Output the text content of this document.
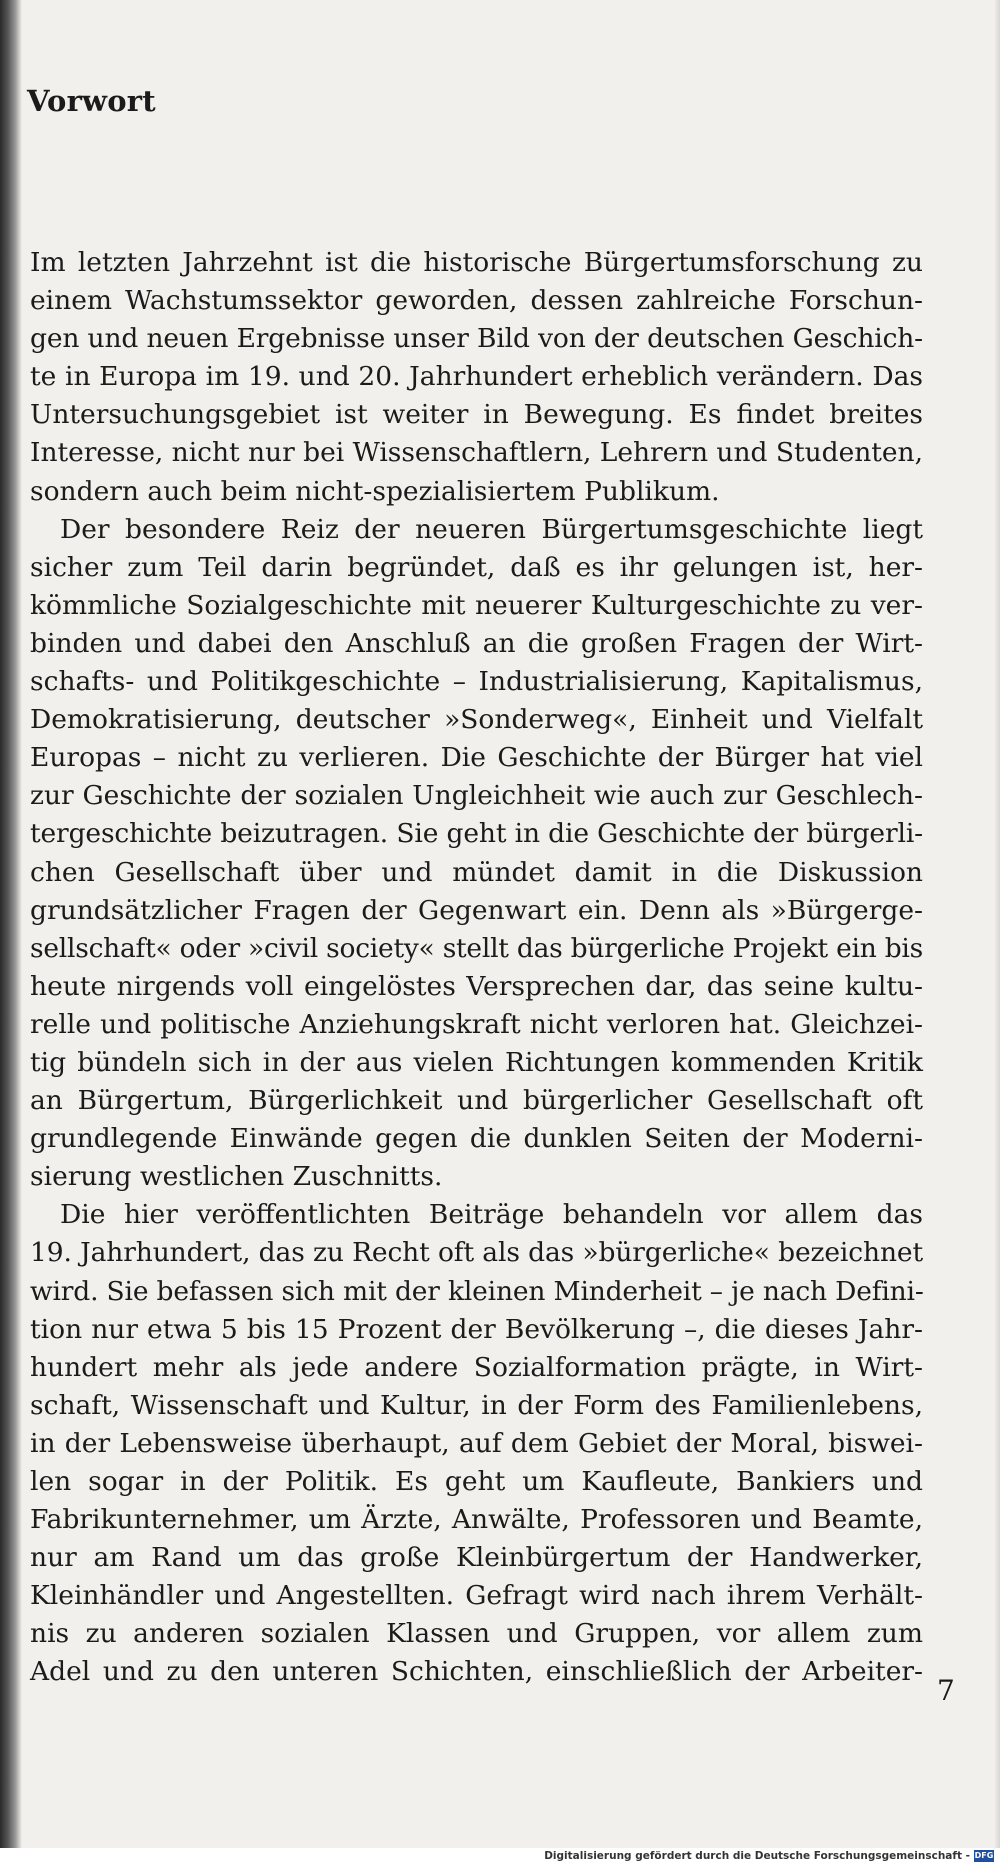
Vorwort
Im letzten Jahrzehnt ist die historische Bürgertumsforschung zu
einem Wachstumssektor geworden, dessen zahlreiche Forschun-
gen und neuen Ergebnisse unser Bild von der deutschen Geschich-
te in Europa im 19. und 20. Jahrhundert erheblich verändern. Das
Untersuchungsgebiet ist weiter in Bewegung. Es findet breites
Interesse, nicht nur bei Wissenschaftlern, Lehrern und Studenten,
sondern auch beim nicht-spezialisiertem Publikum.
Der besondere Reiz der neueren Bürgertumsgeschichte liegt
sicher zum Teil darin begründet, daß es ihr gelungen ist, her-
kömmliche Sozialgeschichte mit neuerer Kulturgeschichte zu ver-
binden und dabei den Anschluß an die großen Fragen der Wirt-
schafts- und Politikgeschichte – Industrialisierung, Kapitalismus,
Demokratisierung, deutscher »Sonderweg«, Einheit und Vielfalt
Europas – nicht zu verlieren. Die Geschichte der Bürger hat viel
zur Geschichte der sozialen Ungleichheit wie auch zur Geschlech-
tergeschichte beizutragen. Sie geht in die Geschichte der bürgerli-
chen Gesellschaft über und mündet damit in die Diskussion
grundsätzlicher Fragen der Gegenwart ein. Denn als »Bürgerge-
sellschaft« oder »civil society« stellt das bürgerliche Projekt ein bis
heute nirgends voll eingelöstes Versprechen dar, das seine kultu-
relle und politische Anziehungskraft nicht verloren hat. Gleichzei-
tig bündeln sich in der aus vielen Richtungen kommenden Kritik
an Bürgertum, Bürgerlichkeit und bürgerlicher Gesellschaft oft
grundlegende Einwände gegen die dunklen Seiten der Moderni-
sierung westlichen Zuschnitts.
Die hier veröffentlichten Beiträge behandeln vor allem das
19. Jahrhundert, das zu Recht oft als das »bürgerliche« bezeichnet
wird. Sie befassen sich mit der kleinen Minderheit – je nach Defini-
tion nur etwa 5 bis 15 Prozent der Bevölkerung –, die dieses Jahr-
hundert mehr als jede andere Sozialformation prägte, in Wirt-
schaft, Wissenschaft und Kultur, in der Form des Familienlebens,
in der Lebensweise überhaupt, auf dem Gebiet der Moral, biswei-
len sogar in der Politik. Es geht um Kaufleute, Bankiers und
Fabrikunternehmer, um Ärzte, Anwälte, Professoren und Beamte,
nur am Rand um das große Kleinbürgertum der Handwerker,
Kleinhändler und Angestellten. Gefragt wird nach ihrem Verhält-
nis zu anderen sozialen Klassen und Gruppen, vor allem zum
Adel und zu den unteren Schichten, einschließlich der Arbeiter-
7
Digitalisierung gefördert durch die Deutsche Forschungsgemeinschaft - DFG
